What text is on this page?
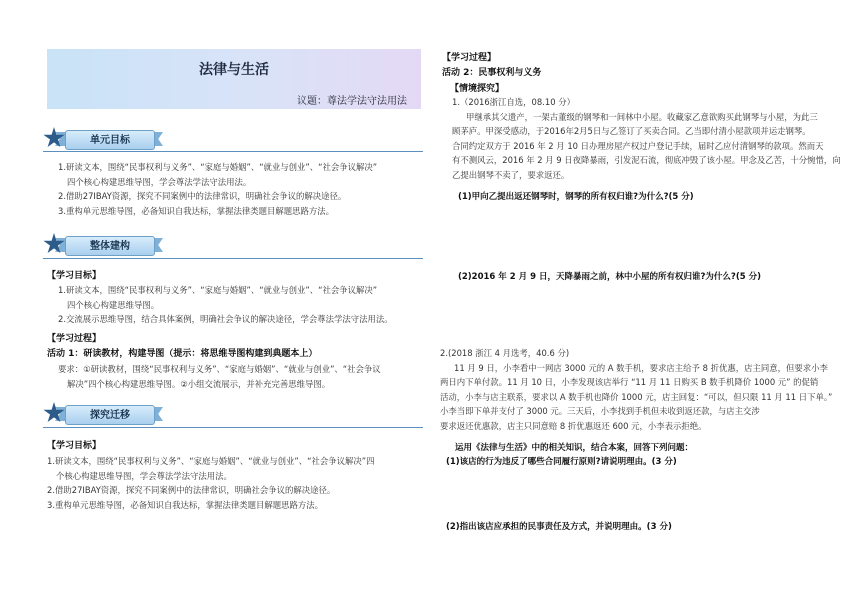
法律与生活
议题：尊法学法守法用法
单元目标
1.研读文本，围绕“民事权利与义务”、“家庭与婚姻”、“就业与创业”、“社会争议解决”
四个核心构建思维导图，学会尊法学法守法用法。
2.借助27IBAY资源，探究不同案例中的法律常识，明确社会争议的解决途径。
3.重构单元思维导图，必备知识自我达标，掌握法律类题目解题思路方法。
整体建构
【学习目标】
1.研读文本，围绕“民事权利与义务”、“家庭与婚姻”、“就业与创业”、“社会争议解决”
四个核心构建思维导图。
2.交流展示思维导图，结合具体案例，明确社会争议的解决途径，学会尊法学法守法用法。
【学习过程】
活动 1：研读教材，构建导图（提示：将思维导图构建到典题本上）
要求：①研读教材，围绕“民事权利与义务”、“家庭与婚姻”、“就业与创业”、“社会争议
解决”四个核心构建思维导图。②小组交流展示，并补充完善思维导图。
探究迁移
【学习目标】
1.研读文本，围绕“民事权利与义务”、“家庭与婚姻”、“就业与创业”、“社会争议解决”四
个核心构建思维导图，学会尊法学法守法用法。
2.借助27IBAY资源，探究不同案例中的法律常识，明确社会争议的解决途径。
3.重构单元思维导图，必备知识自我达标，掌握法律类题目解题思路方法。
【学习过程】
活动 2：民事权利与义务
【情境探究】
1.（2016浙江自选，08.10 分）
甲继承其父遗产，一架古董级的钢琴和一间林中小屋。收藏家乙意欲购买此钢琴与小屋，为此三
顾茅庐。甲深受感动，于2016年2月5日与乙签订了买卖合同。乙当即付清小屋款项并运走钢琴。
合同约定双方于 2016 年 2 月 10 日办理房屋产权过户登记手续，届时乙应付清钢琴的款项。然而天
有不测风云，2016 年 2 月 9 日夜降暴雨，引发泥石流，彻底冲毁了该小屋。甲念及乙苦，十分惋惜，向
乙提出钢琴不卖了，要求返还。
(1)甲向乙提出返还钢琴时，钢琴的所有权归谁?为什么?(5 分)
(2)2016 年 2 月 9 日，天降暴雨之前，林中小屋的所有权归谁?为什么?(5 分)
2.(2018 浙江 4 月选考，40.6 分)
11 月 9 日，小李看中一网店 3000 元的 A 数手机，要求店主给予 8 折优惠，店主同意，但要求小李
两日内下单付款。11 月 10 日，小李发现该店举行 “11 月 11 日购买 B 数手机降价 1000 元” 的促销
活动，小李与店主联系，要求以 A 数手机也降价 1000 元，店主回复：“可以，但只限 11 月 11 日下单。”
小李当即下单并支付了 3000 元。三天后，小李找到手机但未收到返还款，与店主交涉
要求返还优惠款，店主只同意赔 8 折优惠返还 600 元，小李表示拒绝。
运用《法律与生活》中的相关知识，结合本案，回答下列问题：
(1)该店的行为违反了哪些合同履行原则?请说明理由。(3 分)
(2)指出该店应承担的民事责任及方式，并说明理由。(3 分)
